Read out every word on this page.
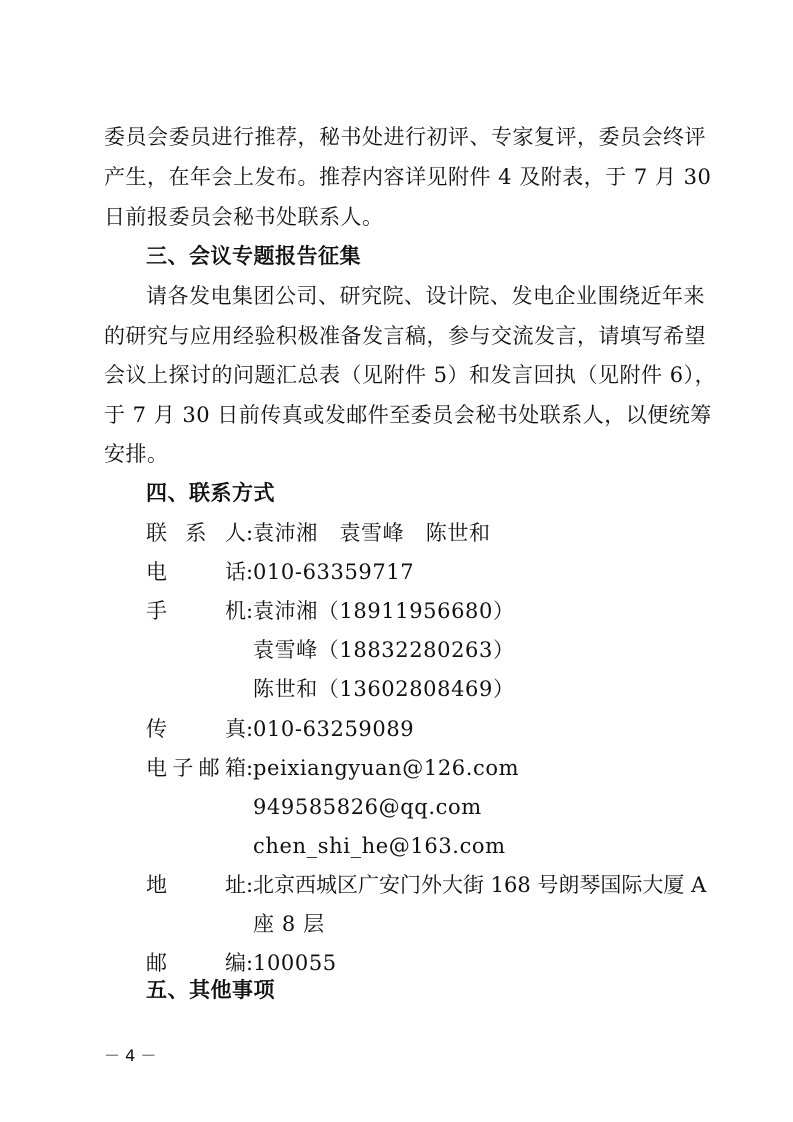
委员会委员进行推荐，秘书处进行初评、专家复评，委员会终评
产生，在年会上发布。推荐内容详见附件 4 及附表，于 7 月 30
日前报委员会秘书处联系人。
三、会议专题报告征集
请各发电集团公司、研究院、设计院、发电企业围绕近年来
的研究与应用经验积极准备发言稿，参与交流发言，请填写希望
会议上探讨的问题汇总表（见附件 5）和发言回执（见附件 6），
于 7 月 30 日前传真或发邮件至委员会秘书处联系人，以便统筹
安排。
四、联系方式
联 系 人 : 袁沛湘　袁雪峰　陈世和
电	话 : 010-63359717
手	机 : 袁沛湘（18911956680）
袁雪峰（18832280263）
陈世和（13602808469）
传	真 : 010-63259089
电 子 邮 箱 : peixiangyuan@126.com
949585826@qq.com
chen_shi_he@163.com
地	址 : 北京西城区广安门外大街 168 号朗琴国际大厦 A
座 8 层
邮	编 : 100055
五、其他事项
－ 4 －
